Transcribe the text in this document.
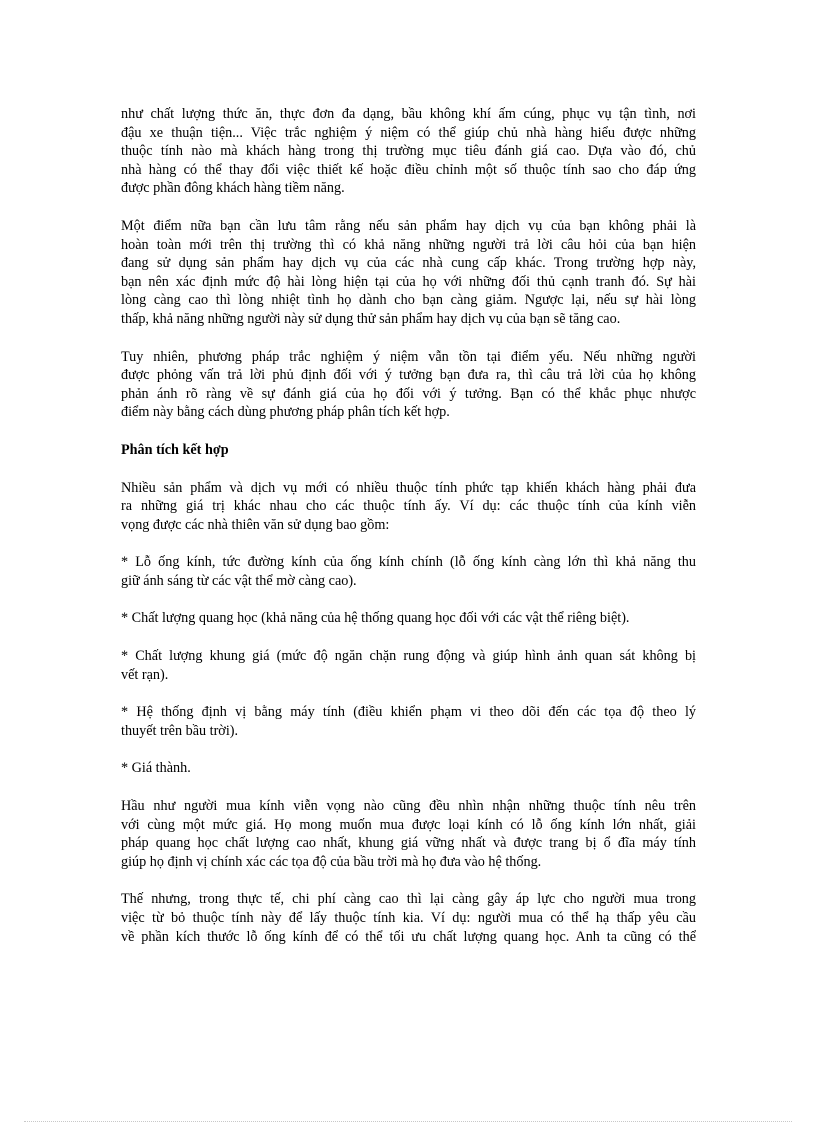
như chất lượng thức ăn, thực đơn đa dạng, bầu không khí ấm cúng, phục vụ tận tình, nơi
đậu xe thuận tiện... Việc trắc nghiệm ý niệm có thể giúp chủ nhà hàng hiểu được những
thuộc tính nào mà khách hàng trong thị trường mục tiêu đánh giá cao. Dựa vào đó, chủ
nhà hàng có thể thay đổi việc thiết kế hoặc điều chỉnh một số thuộc tính sao cho đáp ứng
được phần đông khách hàng tiềm năng.

Một điểm nữa bạn cần lưu tâm rằng nếu sản phẩm hay dịch vụ của bạn không phải là
hoàn toàn mới trên thị trường thì có khả năng những người trả lời câu hỏi của bạn hiện
đang sử dụng sản phẩm hay dịch vụ của các nhà cung cấp khác. Trong trường hợp này,
bạn nên xác định mức độ hài lòng hiện tại của họ với những đối thủ cạnh tranh đó. Sự hài
lòng càng cao thì lòng nhiệt tình họ dành cho bạn càng giảm. Ngược lại, nếu sự hài lòng
thấp, khả năng những người này sử dụng thử sản phẩm hay dịch vụ của bạn sẽ tăng cao.

Tuy nhiên, phương pháp trắc nghiệm ý niệm vẫn tồn tại điểm yếu. Nếu những người
được phỏng vấn trả lời phủ định đối với ý tưởng bạn đưa ra, thì câu trả lời của họ không
phản ánh rõ ràng về sự đánh giá của họ đối với ý tưởng. Bạn có thể khắc phục nhược
điểm này bằng cách dùng phương pháp phân tích kết hợp.

Phân tích kết hợp

Nhiều sản phẩm và dịch vụ mới có nhiều thuộc tính phức tạp khiến khách hàng phải đưa
ra những giá trị khác nhau cho các thuộc tính ấy. Ví dụ: các thuộc tính của kính viễn
vọng được các nhà thiên văn sử dụng bao gồm:

* Lỗ ống kính, tức đường kính của ống kính chính (lỗ ống kính càng lớn thì khả năng thu
giữ ánh sáng từ các vật thể mờ càng cao).

* Chất lượng quang học (khả năng của hệ thống quang học đối với các vật thể riêng biệt).

* Chất lượng khung giá (mức độ ngăn chặn rung động và giúp hình ảnh quan sát không bị
vết rạn).

* Hệ thống định vị bằng máy tính (điều khiển phạm vi theo dõi đến các tọa độ theo lý
thuyết trên bầu trời).

* Giá thành.

Hầu như người mua kính viễn vọng nào cũng đều nhìn nhận những thuộc tính nêu trên
với cùng một mức giá. Họ mong muốn mua được loại kính có lỗ ống kính lớn nhất, giải
pháp quang học chất lượng cao nhất, khung giá vững nhất và được trang bị ổ đĩa máy tính
giúp họ định vị chính xác các tọa độ của bầu trời mà họ đưa vào hệ thống.

Thế nhưng, trong thực tế, chi phí càng cao thì lại càng gây áp lực cho người mua trong
việc từ bỏ thuộc tính này để lấy thuộc tính kia. Ví dụ: người mua có thể hạ thấp yêu cầu
về phần kích thước lỗ ống kính để có thể tối ưu chất lượng quang học. Anh ta cũng có thể
